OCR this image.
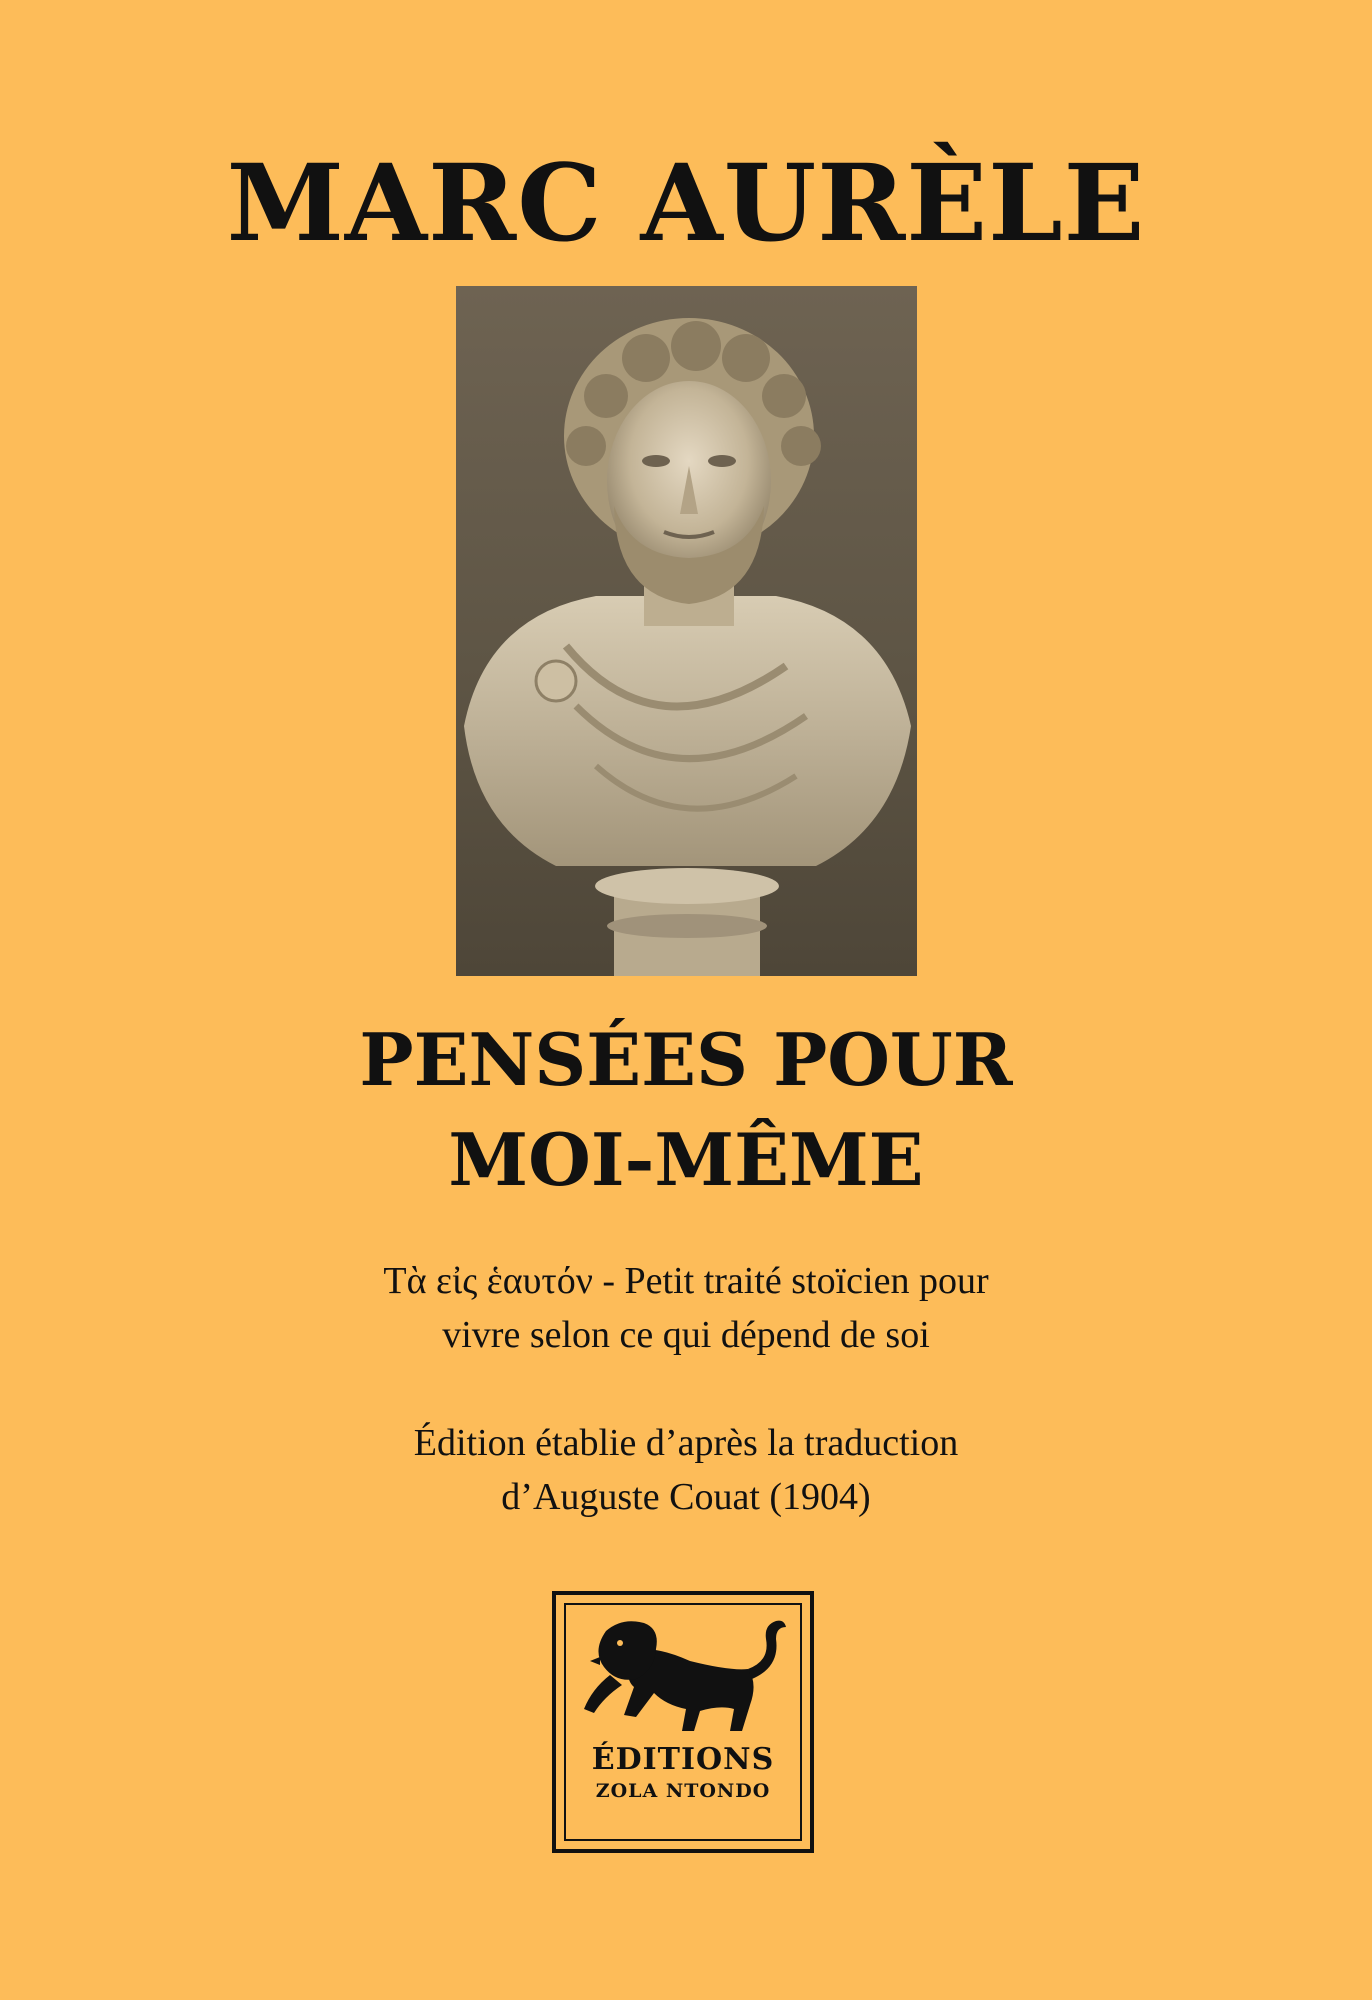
MARC AURÈLE
PENSÉES POUR
MOI-MÊME

Τὰ εἰς ἑαυτόν - Petit traité stoïcien pour
vivre selon ce qui dépend de soi

Édition établie d’après la traduction
d’Auguste Couat (1904)

ÉDITIONS
ZOLA NTONDO
